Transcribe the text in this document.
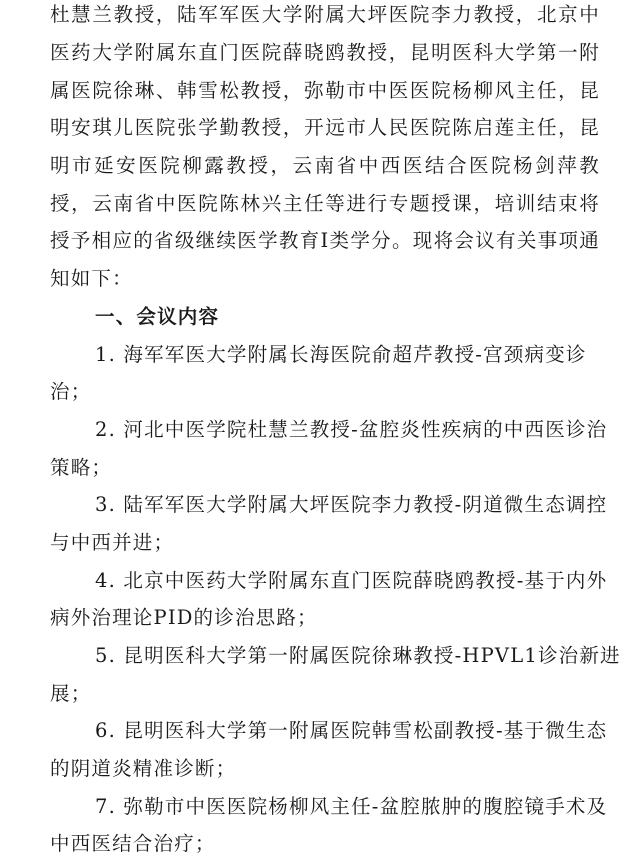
杜慧兰教授，陆军军医大学附属大坪医院李力教授，北京中
医药大学附属东直门医院薛晓鸥教授，昆明医科大学第一附
属医院徐琳、韩雪松教授，弥勒市中医医院杨柳风主任，昆
明安琪儿医院张学勤教授，开远市人民医院陈启莲主任，昆
明市延安医院柳露教授，云南省中西医结合医院杨剑萍教
授，云南省中医院陈林兴主任等进行专题授课，培训结束将
授予相应的省级继续医学教育I类学分。现将会议有关事项通
知如下：
一、会议内容
1. 海军军医大学附属长海医院俞超芹教授-宫颈病变诊
治；
2. 河北中医学院杜慧兰教授-盆腔炎性疾病的中西医诊治
策略；
3. 陆军军医大学附属大坪医院李力教授-阴道微生态调控
与中西并进；
4. 北京中医药大学附属东直门医院薛晓鸥教授-基于内外
病外治理论PID的诊治思路；
5. 昆明医科大学第一附属医院徐琳教授-HPVL1诊治新进
展；
6. 昆明医科大学第一附属医院韩雪松副教授-基于微生态
的阴道炎精准诊断；
7. 弥勒市中医医院杨柳风主任-盆腔脓肿的腹腔镜手术及
中西医结合治疗；
